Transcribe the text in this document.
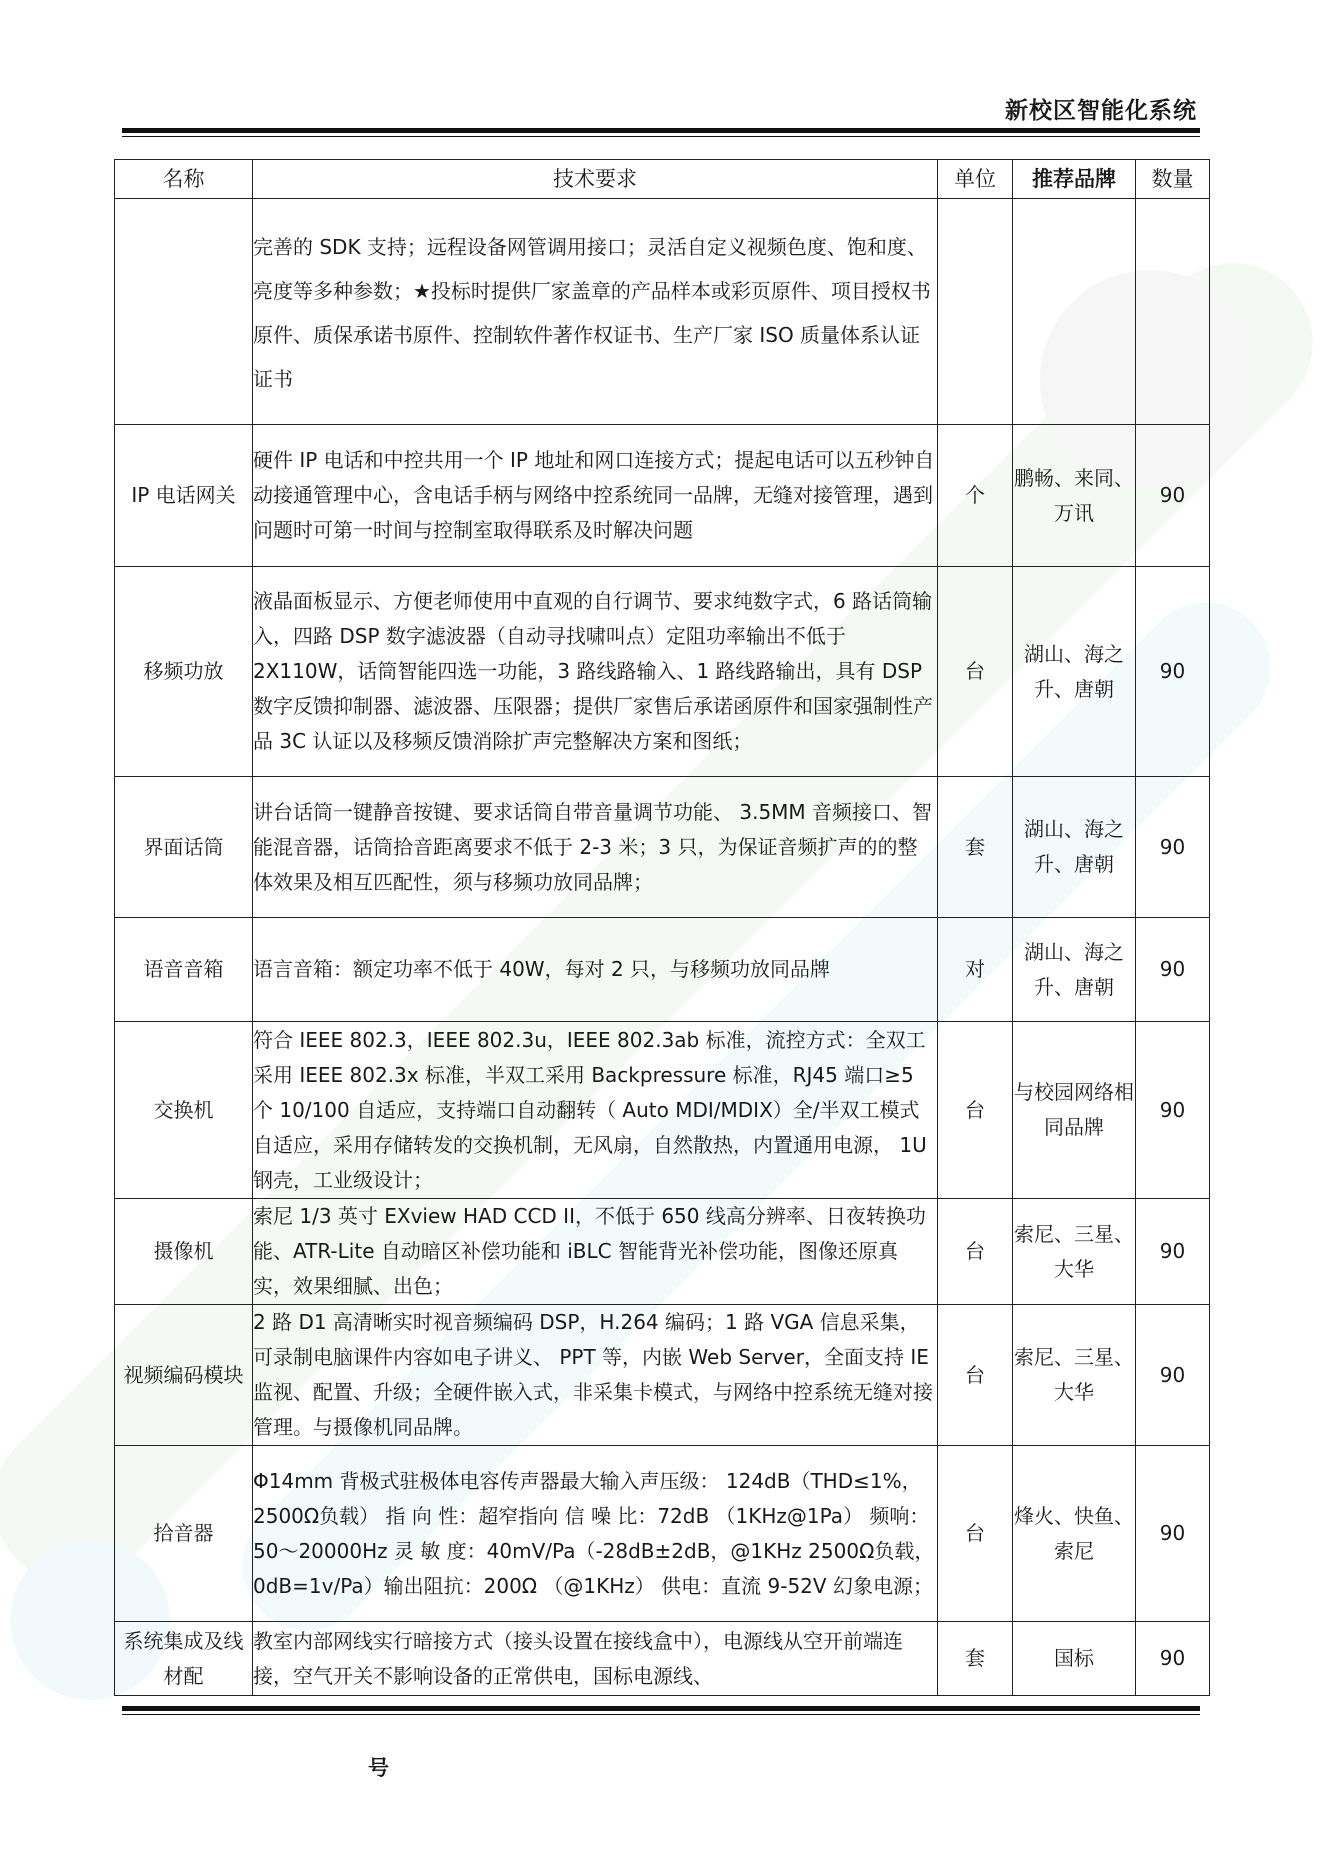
新校区智能化系统
名称	技术要求	单位	推荐品牌	数量
	完善的 SDK 支持；远程设备网管调用接口；灵活自定义视频色度、饱和度、亮度等多种参数；★投标时提供厂家盖章的产品样本或彩页原件、项目授权书原件、质保承诺书原件、控制软件著作权证书、生产厂家 ISO 质量体系认证证书			
IP 电话网关	硬件 IP 电话和中控共用一个 IP 地址和网口连接方式；提起电话可以五秒钟自动接通管理中心，含电话手柄与网络中控系统同一品牌，无缝对接管理，遇到问题时可第一时间与控制室取得联系及时解决问题	个	鹏畅、来同、万讯	90
移频功放	液晶面板显示、方便老师使用中直观的自行调节、要求纯数字式，6 路话筒输入，四路 DSP 数字滤波器（自动寻找啸叫点）定阻功率输出不低于 2X110W，话筒智能四选一功能，3 路线路输入、1 路线路输出，具有 DSP 数字反馈抑制器、滤波器、压限器；提供厂家售后承诺函原件和国家强制性产品 3C 认证以及移频反馈消除扩声完整解决方案和图纸；	台	湖山、海之升、唐朝	90
界面话筒	讲台话筒一键静音按键、要求话筒自带音量调节功能、 3.5MM 音频接口、智能混音器，话筒拾音距离要求不低于 2-3 米；3 只，为保证音频扩声的的整体效果及相互匹配性，须与移频功放同品牌；	套	湖山、海之升、唐朝	90
语音音箱	语言音箱：额定功率不低于 40W，每对 2 只，与移频功放同品牌	对	湖山、海之升、唐朝	90
交换机	符合 IEEE 802.3，IEEE 802.3u，IEEE 802.3ab 标准，流控方式：全双工采用 IEEE 802.3x 标准，半双工采用 Backpressure 标准，RJ45 端口≥5 个 10/100 自适应，支持端口自动翻转（ Auto MDI/MDIX）全/半双工模式自适应，采用存储转发的交换机制，无风扇，自然散热，内置通用电源， 1U 钢壳，工业级设计；	台	与校园网络相同品牌	90
摄像机	索尼 1/3 英寸 EXview HAD CCD II，不低于 650 线高分辨率、日夜转换功能、ATR-Lite 自动暗区补偿功能和 iBLC 智能背光补偿功能，图像还原真实，效果细腻、出色；	台	索尼、三星、大华	90
视频编码模块	2 路 D1 高清晰实时视音频编码 DSP，H.264 编码；1 路 VGA 信息采集，可录制电脑课件内容如电子讲义、 PPT 等，内嵌 Web Server，全面支持 IE 监视、配置、升级；全硬件嵌入式，非采集卡模式，与网络中控系统无缝对接管理。与摄像机同品牌。	台	索尼、三星、大华	90
拾音器	Φ14mm 背极式驻极体电容传声器最大输入声压级： 124dB（THD≤1%，2500Ω负载） 指 向 性：超窄指向 信 噪 比：72dB （1KHz@1Pa） 频响：50～20000Hz 灵 敏 度：40mV/Pa（-28dB±2dB，@1KHz 2500Ω负载，0dB=1v/Pa）输出阻抗：200Ω （@1KHz） 供电：直流 9-52V 幻象电源；	台	烽火、快鱼、索尼	90
系统集成及线材配	教室内部网线实行暗接方式（接头设置在接线盒中），电源线从空开前端连接，空气开关不影响设备的正常供电，国标电源线、	套	国标	90
号
